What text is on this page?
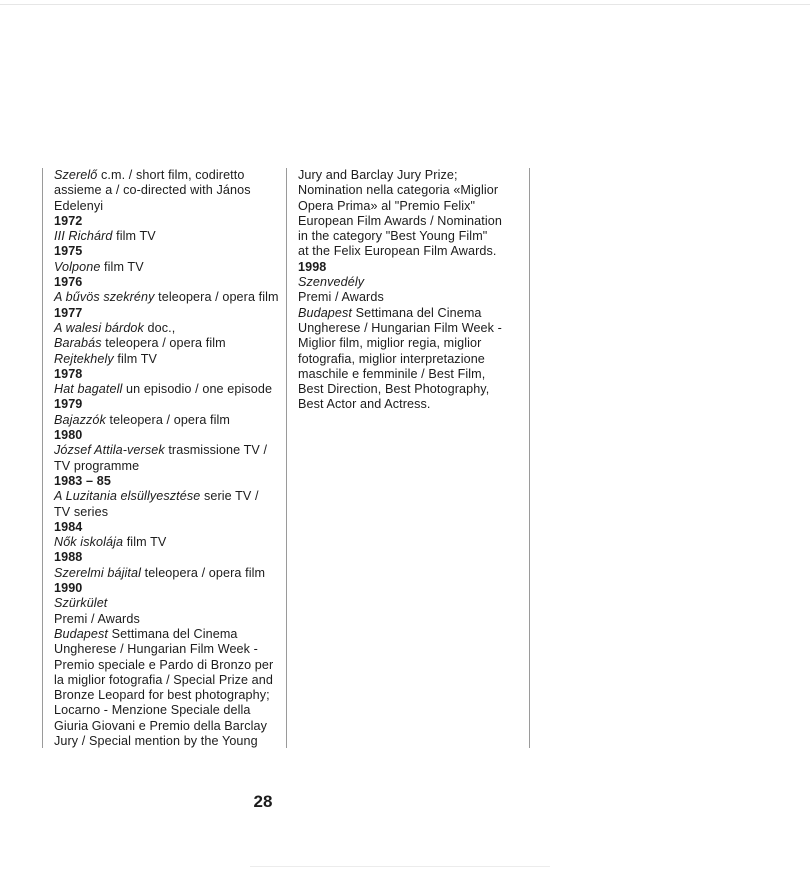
Szerelő c.m. / short film, codiretto

assieme a / co-directed with János

Edelenyi

1972

III Richárd film TV

1975

Volpone film TV

1976

A bűvös szekrény teleopera / opera film

1977

A walesi bárdok doc.,

Barabás teleopera / opera film

Rejtekhely film TV

1978

Hat bagatell un episodio / one episode

1979

Bajazzók teleopera / opera film

1980

József Attila-versek trasmissione TV /

TV programme

1983 – 85

A Luzitania elsüllyesztése serie TV /

TV series

1984

Nők iskolája film TV

1988

Szerelmi bájital teleopera / opera film

1990

Szürkület

Premi / Awards

Budapest Settimana del Cinema

Ungherese / Hungarian Film Week -

Premio speciale e Pardo di Bronzo per

la miglior fotografia / Special Prize and

Bronze Leopard for best photography;

Locarno - Menzione Speciale della

Giuria Giovani e Premio della Barclay

Jury / Special mention by the Young

Jury and Barclay Jury Prize;

Nomination nella categoria «Miglior

Opera Prima» al "Premio Felix"

European Film Awards / Nomination

in the category "Best Young Film"

at the Felix European Film Awards.

1998

Szenvedély

Premi / Awards

Budapest Settimana del Cinema

Ungherese / Hungarian Film Week -

Miglior film, miglior regia, miglior

fotografia, miglior interpretazione

maschile e femminile / Best Film,

Best Direction, Best Photography,

Best Actor and Actress.

28
